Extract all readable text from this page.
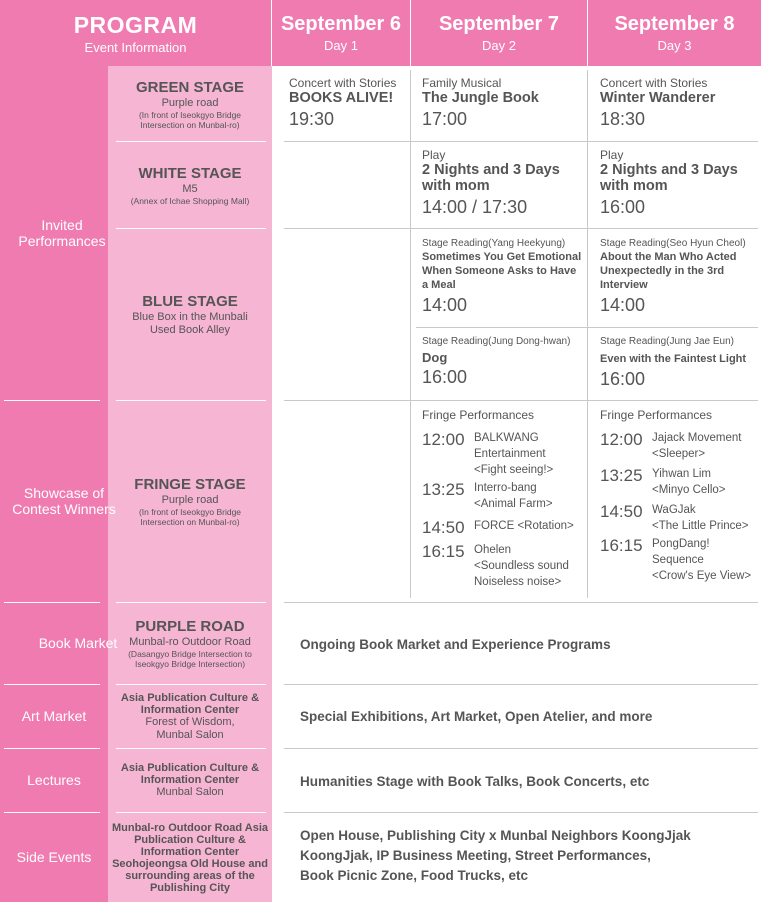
PROGRAM
Event Information
September 6
Day 1
September 7
Day 2
September 8
Day 3
Invited Performances
Showcase of Contest Winners
Book Market
Art Market
Lectures
Side Events
GREEN STAGE
Purple road
(In front of Iseokgyo Bridge Intersection on Munbal-ro)
WHITE STAGE
M5
(Annex of Ichae Shopping Mall)
BLUE STAGE
Blue Box in the Munbali Used Book Alley
FRINGE STAGE
Purple road
(In front of Iseokgyo Bridge Intersection on Munbal-ro)
PURPLE ROAD
Munbal-ro Outdoor Road
(Dasangyo Bridge Intersection to Iseokgyo Bridge Intersection)
Asia Publication Culture & Information Center
Forest of Wisdom, Munbal Salon
Asia Publication Culture & Information Center
Munbal Salon
Munbal-ro Outdoor Road Asia Publication Culture & Information Center Seohojeongsa Old House and surrounding areas of the Publishing City
Concert with Stories
BOOKS ALIVE!
19:30
Family Musical
The Jungle Book
17:00
Concert with Stories
Winter Wanderer
18:30
Play
2 Nights and 3 Days with mom
14:00 / 17:30
Play
2 Nights and 3 Days with mom
16:00
Stage Reading(Yang Heekyung)
Sometimes You Get Emotional When Someone Asks to Have a Meal
14:00
Stage Reading(Seo Hyun Cheol)
About the Man Who Acted Unexpectedly in the 3rd Interview
14:00
Stage Reading(Jung Dong-hwan)
Dog
16:00
Stage Reading(Jung Jae Eun)
Even with the Faintest Light
16:00
Fringe Performances
12:00 BALKWANG
Entertainment
<Fight seeing!>
13:25 Interro-bang
<Animal Farm>
14:50 FORCE <Rotation>
16:15 Ohelen
<Soundless sound
Noiseless noise>
Fringe Performances
12:00 Jajack Movement
<Sleeper>
13:25 Yihwan Lim
<Minyo Cello>
14:50 WaGJak
<The Little Prince>
16:15 PongDang!
Sequence
<Crow's Eye View>
Ongoing Book Market and Experience Programs
Special Exhibitions, Art Market, Open Atelier, and more
Humanities Stage with Book Talks, Book Concerts, etc
Open House, Publishing City x Munbal Neighbors KoongJjak
KoongJjak, IP Business Meeting, Street Performances,
Book Picnic Zone, Food Trucks, etc
